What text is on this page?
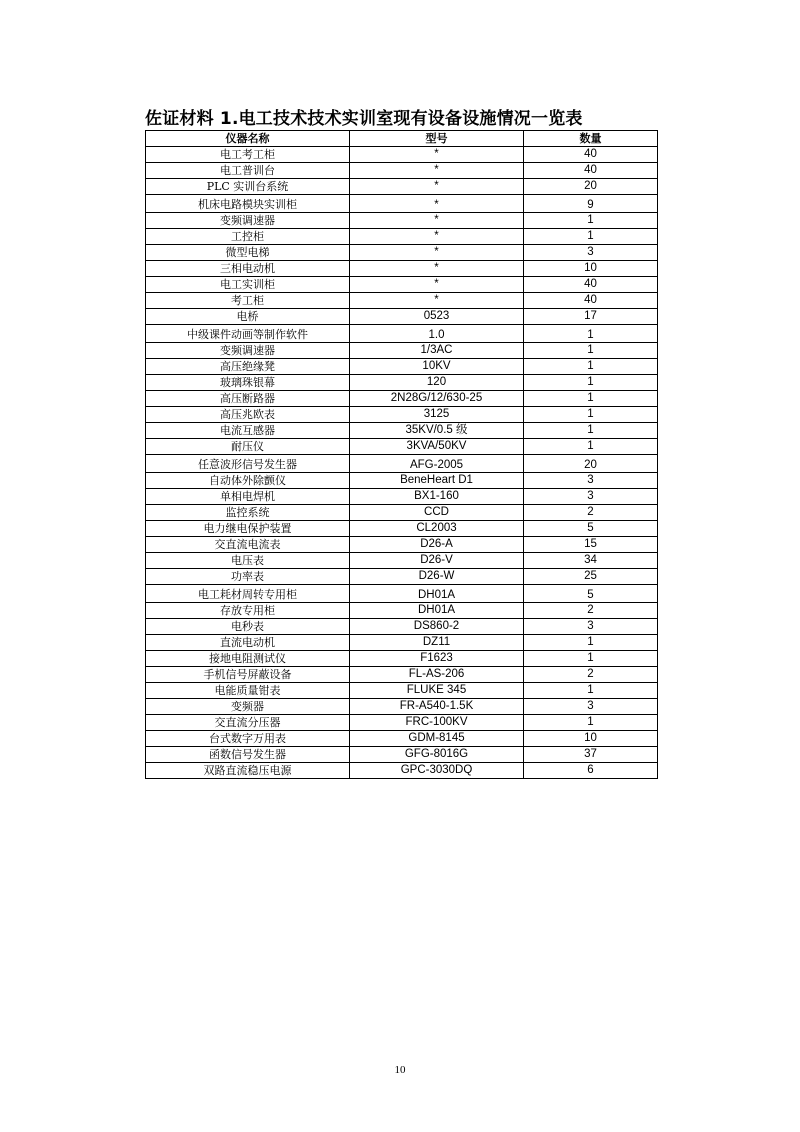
佐证材料 1.电工技术技术实训室现有设备设施情况一览表
仪器名称	型号	数量
电工考工柜	*	40
电工普训台	*	40
PLC 实训台系统	*	20
机床电路模块实训柜	*	9
变频调速器	*	1
工控柜	*	1
微型电梯	*	3
三相电动机	*	10
电工实训柜	*	40
考工柜	*	40
电桥	0523	17
中级课件动画等制作软件	1.0	1
变频调速器	1/3AC	1
高压绝缘凳	10KV	1
玻璃珠银幕	120	1
高压断路器	2N28G/12/630-25	1
高压兆欧表	3125	1
电流互感器	35KV/0.5 级	1
耐压仪	3KVA/50KV	1
任意波形信号发生器	AFG-2005	20
自动体外除颤仪	BeneHeart D1	3
单相电焊机	BX1-160	3
监控系统	CCD	2
电力继电保护装置	CL2003	5
交直流电流表	D26-A	15
电压表	D26-V	34
功率表	D26-W	25
电工耗材周转专用柜	DH01A	5
存放专用柜	DH01A	2
电秒表	DS860-2	3
直流电动机	DZ11	1
接地电阻测试仪	F1623	1
手机信号屏蔽设备	FL-AS-206	2
电能质量钳表	FLUKE 345	1
变频器	FR-A540-1.5K	3
交直流分压器	FRC-100KV	1
台式数字万用表	GDM-8145	10
函数信号发生器	GFG-8016G	37
双路直流稳压电源	GPC-3030DQ	6
10
